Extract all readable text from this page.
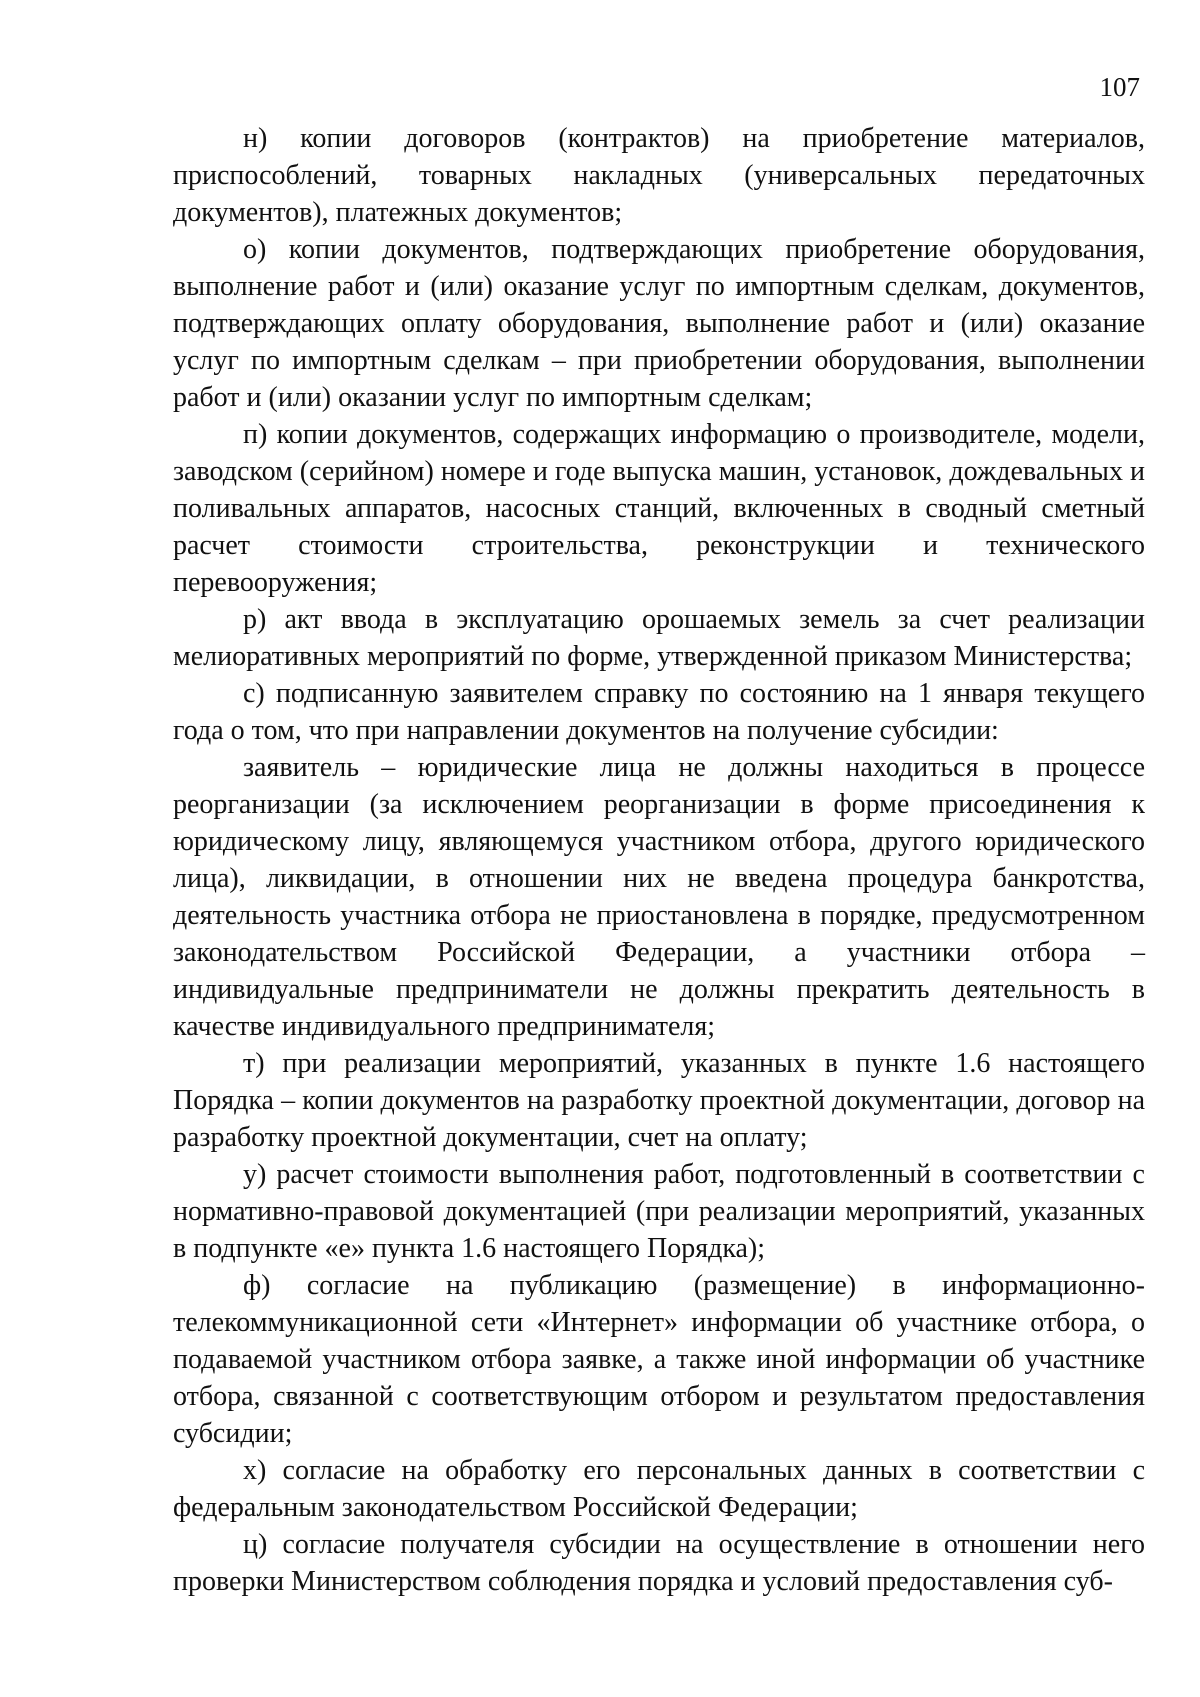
107

н) копии договоров (контрактов) на приобретение материалов, приспособлений, товарных накладных (универсальных передаточных документов), платежных документов;

о) копии документов, подтверждающих приобретение оборудования, выполнение работ и (или) оказание услуг по импортным сделкам, документов, подтверждающих оплату оборудования, выполнение работ и (или) оказание услуг по импортным сделкам – при приобретении оборудования, выполнении работ и (или) оказании услуг по импортным сделкам;

п) копии документов, содержащих информацию о производителе, модели, заводском (серийном) номере и годе выпуска машин, установок, дождевальных и поливальных аппаратов, насосных станций, включенных в сводный сметный расчет стоимости строительства, реконструкции и технического перевооружения;

р) акт ввода в эксплуатацию орошаемых земель за счет реализации мелиоративных мероприятий по форме, утвержденной приказом Министерства;

с) подписанную заявителем справку по состоянию на 1 января текущего года о том, что при направлении документов на получение субсидии:

заявитель – юридические лица не должны находиться в процессе реорганизации (за исключением реорганизации в форме присоединения к юридическому лицу, являющемуся участником отбора, другого юридического лица), ликвидации, в отношении них не введена процедура банкротства, деятельность участника отбора не приостановлена в порядке, предусмотренном законодательством Российской Федерации, а участники отбора – индивидуальные предприниматели не должны прекратить деятельность в качестве индивидуального предпринимателя;

т) при реализации мероприятий, указанных в пункте 1.6 настоящего Порядка – копии документов на разработку проектной документации, договор на разработку проектной документации, счет на оплату;

у) расчет стоимости выполнения работ, подготовленный в соответствии с нормативно-правовой документацией (при реализации мероприятий, указанных в подпункте «е» пункта 1.6 настоящего Порядка);

ф) согласие на публикацию (размещение) в информационно-телекоммуникационной сети «Интернет» информации об участнике отбора, о подаваемой участником отбора заявке, а также иной информации об участнике отбора, связанной с соответствующим отбором и результатом предоставления субсидии;

х) согласие на обработку его персональных данных в соответствии с федеральным законодательством Российской Федерации;

ц) согласие получателя субсидии на осуществление в отношении него проверки Министерством соблюдения порядка и условий предоставления суб-
